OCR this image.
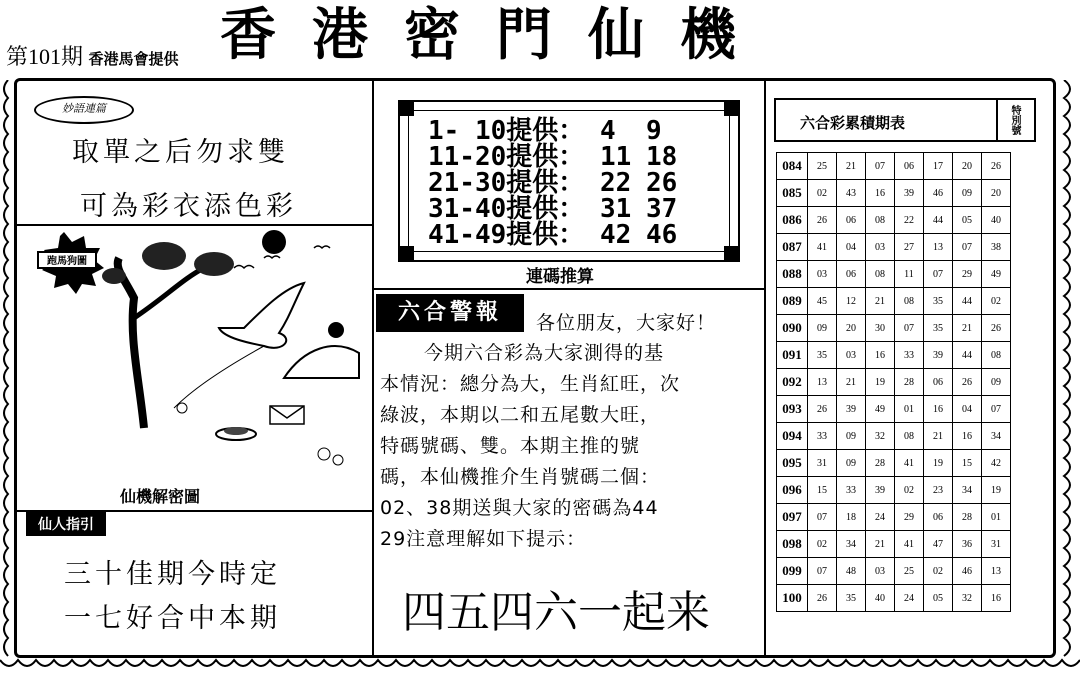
第101期 香港馬會提供 香港密門仙機
妙語連篇
取單之后勿求雙
可為彩衣添色彩
跑馬狗圖
仙機解密圖
仙人指引
三十佳期今時定
一七好合中本期
1- 10提供： 4 9
11-20提供： 11 18
21-30提供： 22 26
31-40提供： 31 37
41-49提供： 42 46
連碼推算
六合警報	各位朋友，大家好！
今期六合彩為大家測得的基
本情況：總分為大，生肖紅旺，次
綠波，本期以二和五尾數大旺，
特碼號碼、雙。本期主推的號
碼，本仙機推介生肖號碼二個：
02、38期送與大家的密碼為44
29注意理解如下提示：
四五四六一起来
六合彩累積期表	特別號
084	25	21	07	06	17	20	26
085	02	43	16	39	46	09	20
086	26	06	08	22	44	05	40
087	41	04	03	27	13	07	38
088	03	06	08	11	07	29	49
089	45	12	21	08	35	44	02
090	09	20	30	07	35	21	26
091	35	03	16	33	39	44	08
092	13	21	19	28	06	26	09
093	26	39	49	01	16	04	07
094	33	09	32	08	21	16	34
095	31	09	28	41	19	15	42
096	15	33	39	02	23	34	19
097	07	18	24	29	06	28	01
098	02	34	21	41	47	36	31
099	07	48	03	25	02	46	13
100	26	35	40	24	05	32	16
